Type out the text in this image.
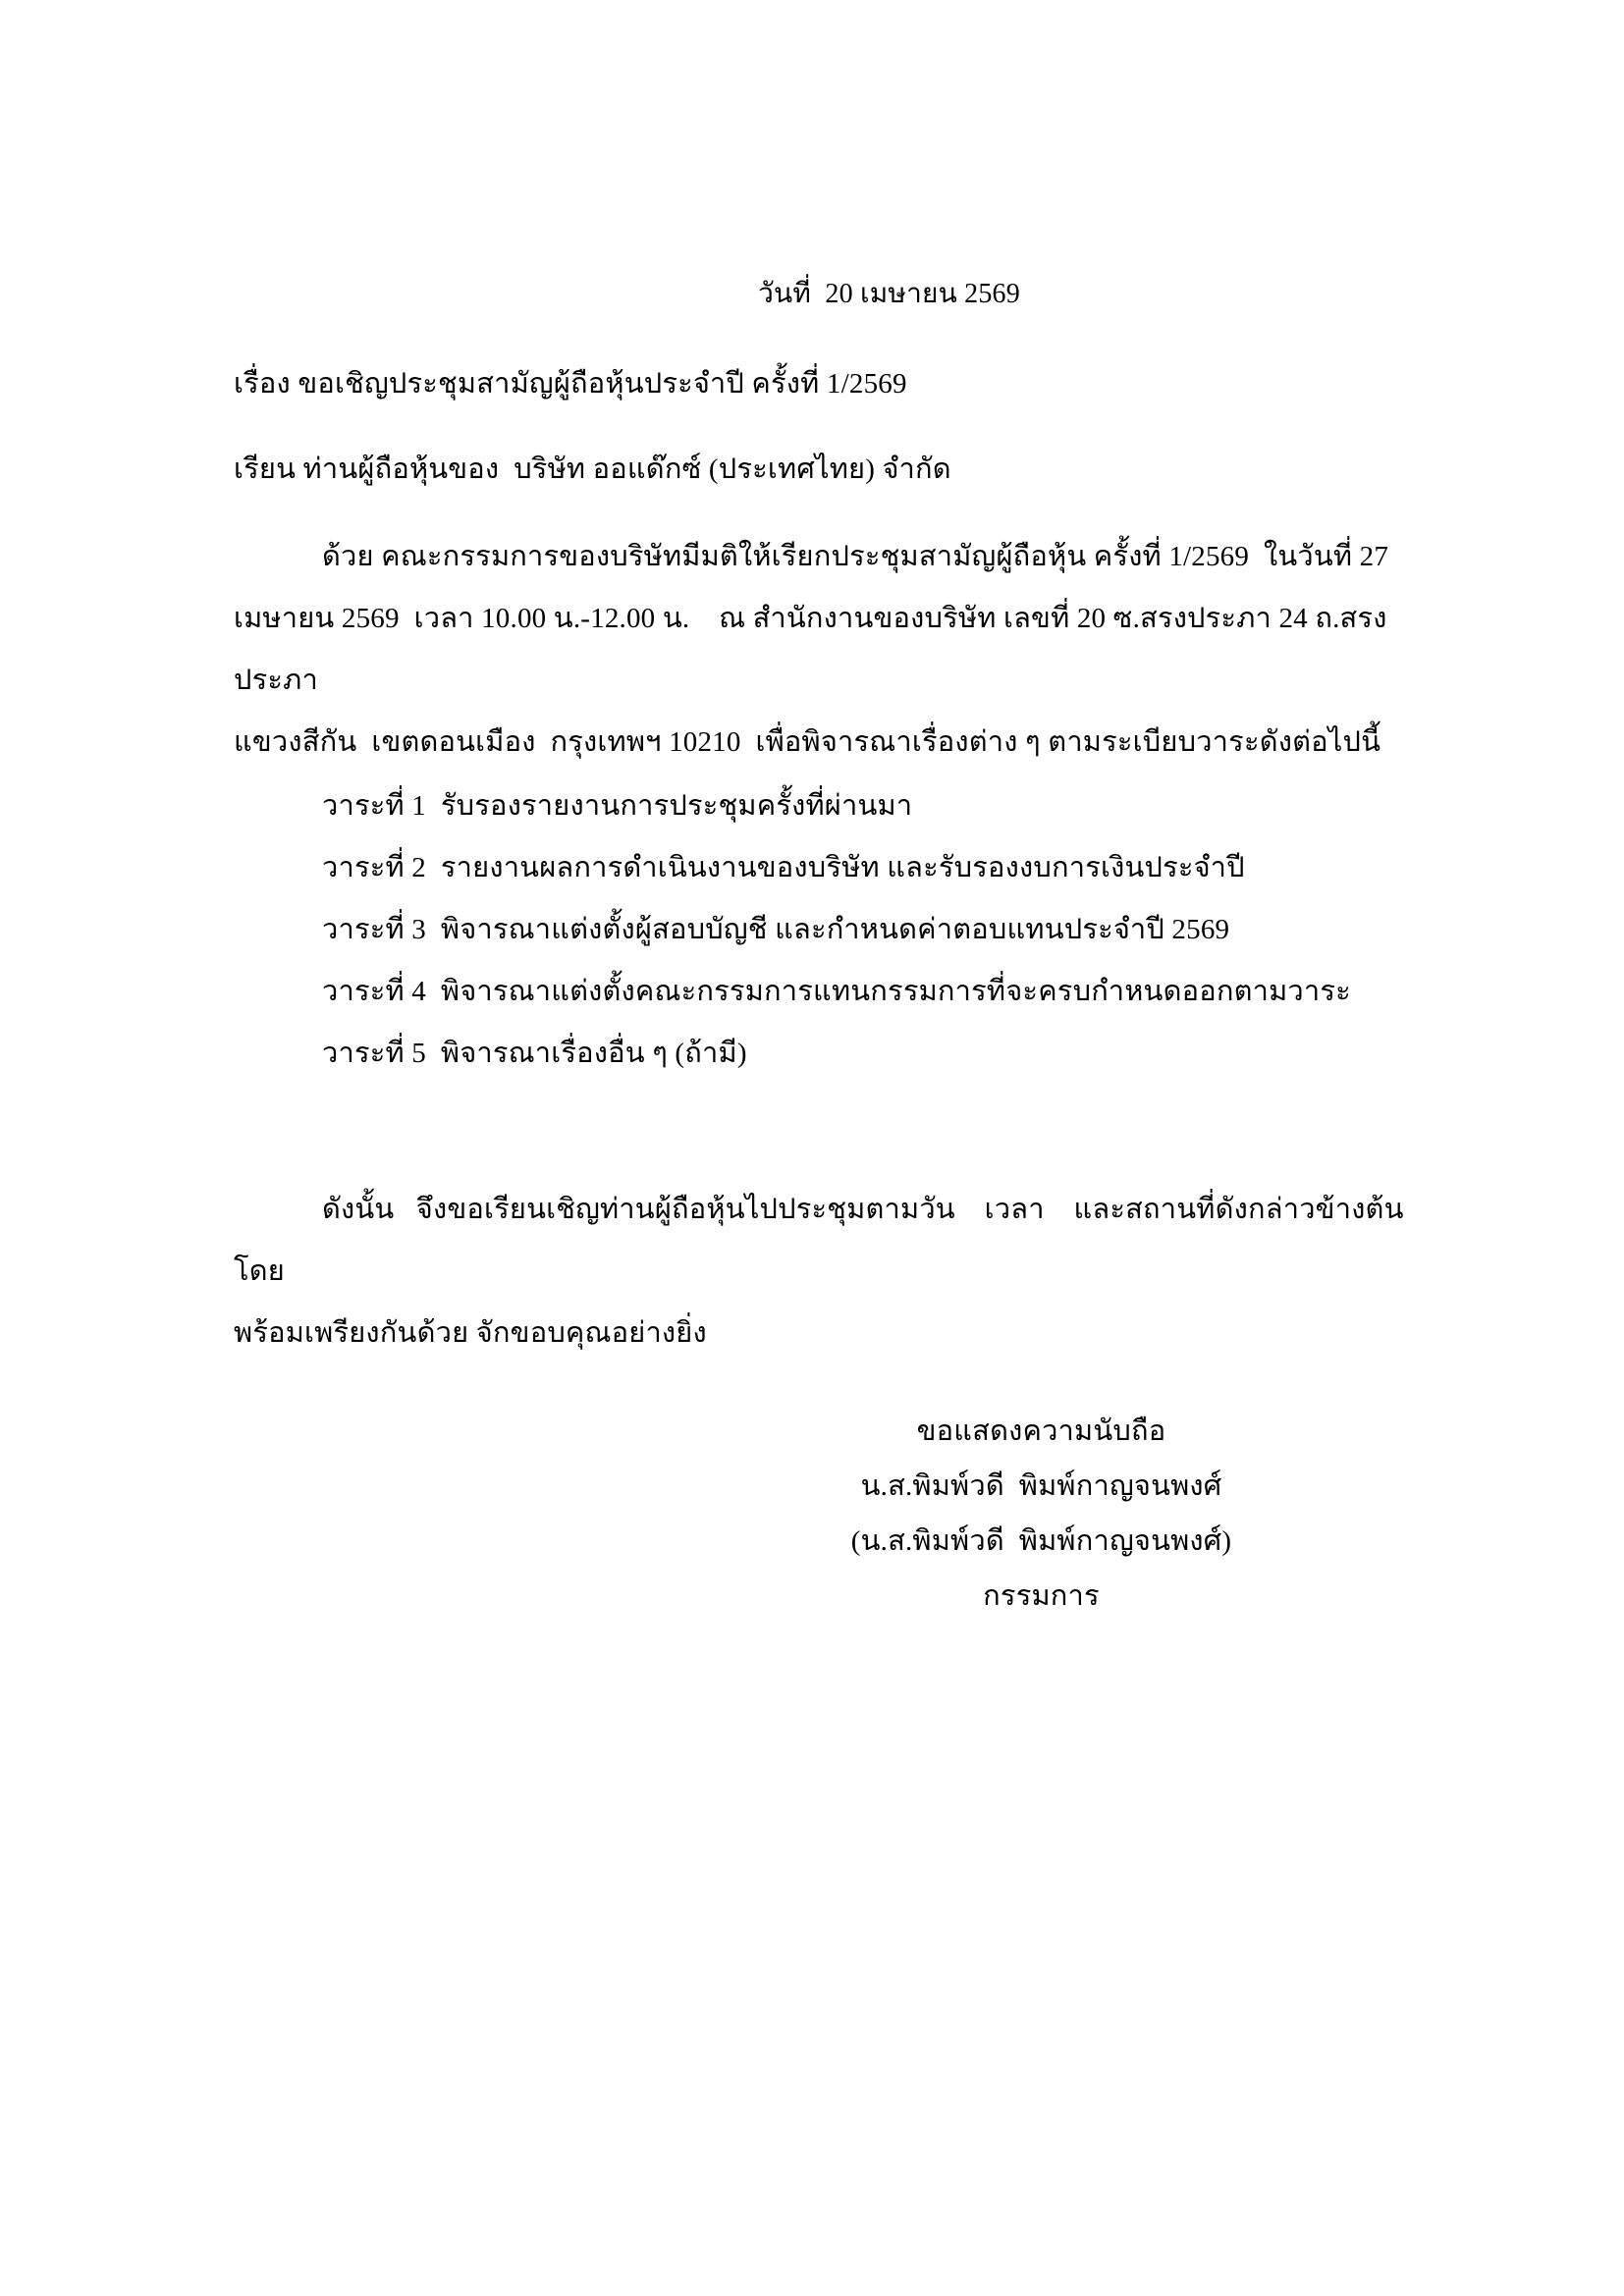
วันที่  20 เมษายน 2569
เรื่อง ขอเชิญประชุมสามัญผู้ถือหุ้นประจำปี ครั้งที่ 1/2569
เรียน ท่านผู้ถือหุ้นของ  บริษัท ออแด๊กซ์ (ประเทศไทย) จำกัด
ด้วย คณะกรรมการของบริษัทมีมติให้เรียกประชุมสามัญผู้ถือหุ้น ครั้งที่ 1/2569  ในวันที่ 27
เมษายน 2569  เวลา 10.00 น.-12.00 น.    ณ สำนักงานของบริษัท เลขที่ 20 ซ.สรงประภา 24 ถ.สรงประภา
แขวงสีกัน  เขตดอนเมือง  กรุงเทพฯ 10210  เพื่อพิจารณาเรื่องต่าง ๆ ตามระเบียบวาระดังต่อไปนี้
วาระที่ 1  รับรองรายงานการประชุมครั้งที่ผ่านมา
วาระที่ 2  รายงานผลการดำเนินงานของบริษัท และรับรองงบการเงินประจำปี
วาระที่ 3  พิจารณาแต่งตั้งผู้สอบบัญชี และกำหนดค่าตอบแทนประจำปี 2569
วาระที่ 4  พิจารณาแต่งตั้งคณะกรรมการแทนกรรมการที่จะครบกำหนดออกตามวาระ
วาระที่ 5  พิจารณาเรื่องอื่น ๆ (ถ้ามี)
ดังนั้น   จึงขอเรียนเชิญท่านผู้ถือหุ้นไปประชุมตามวัน    เวลา    และสถานที่ดังกล่าวข้างต้นโดย
พร้อมเพรียงกันด้วย จักขอบคุณอย่างยิ่ง
ขอแสดงความนับถือ
น.ส.พิมพ์วดี  พิมพ์กาญจนพงศ์
(น.ส.พิมพ์วดี  พิมพ์กาญจนพงศ์)
กรรมการ
